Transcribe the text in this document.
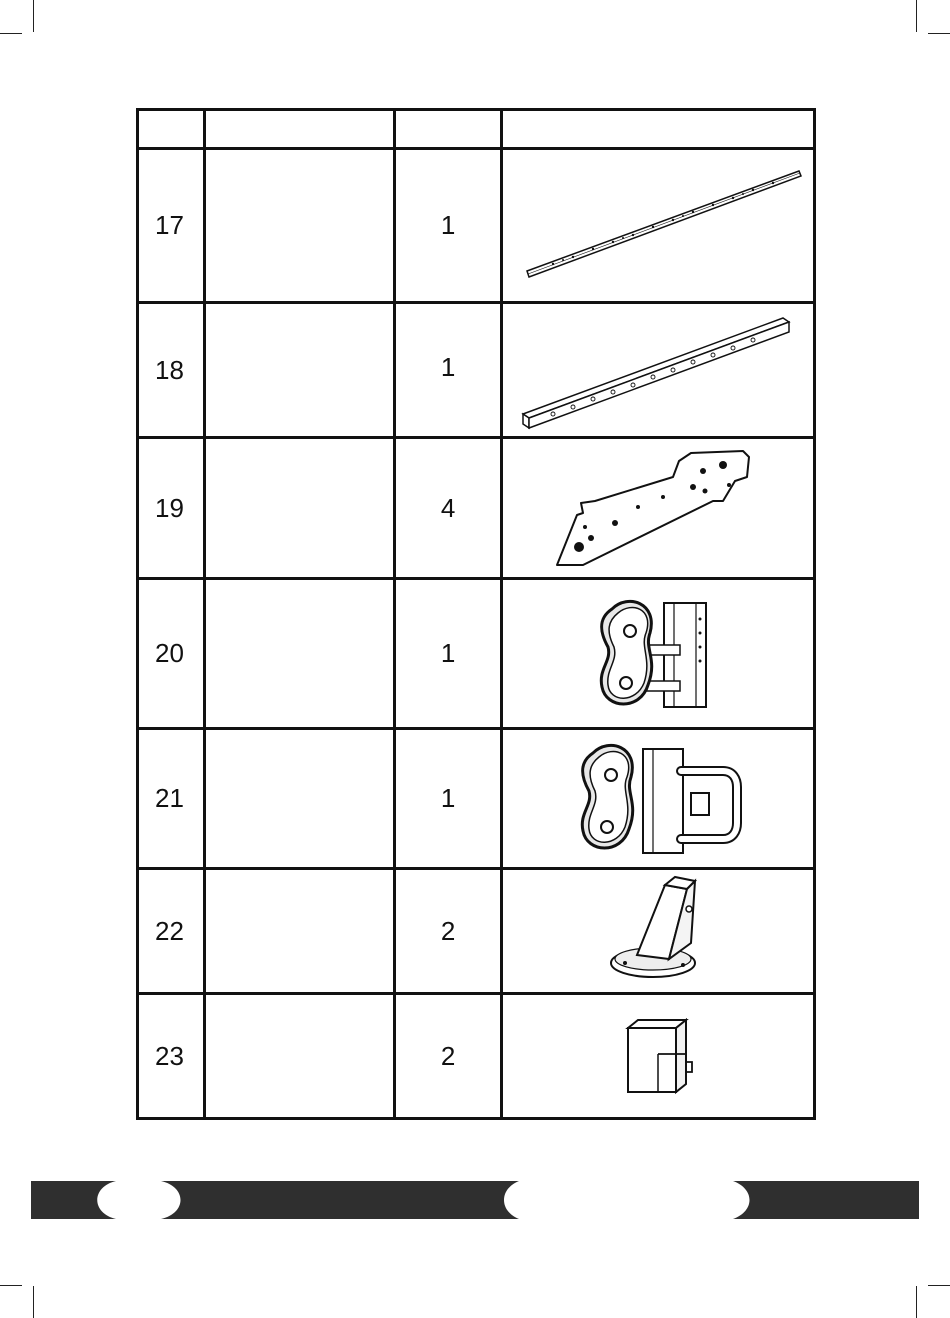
17		1	

18		1	

19		4	

20		1	

21		1	

22		2	

23		2	
